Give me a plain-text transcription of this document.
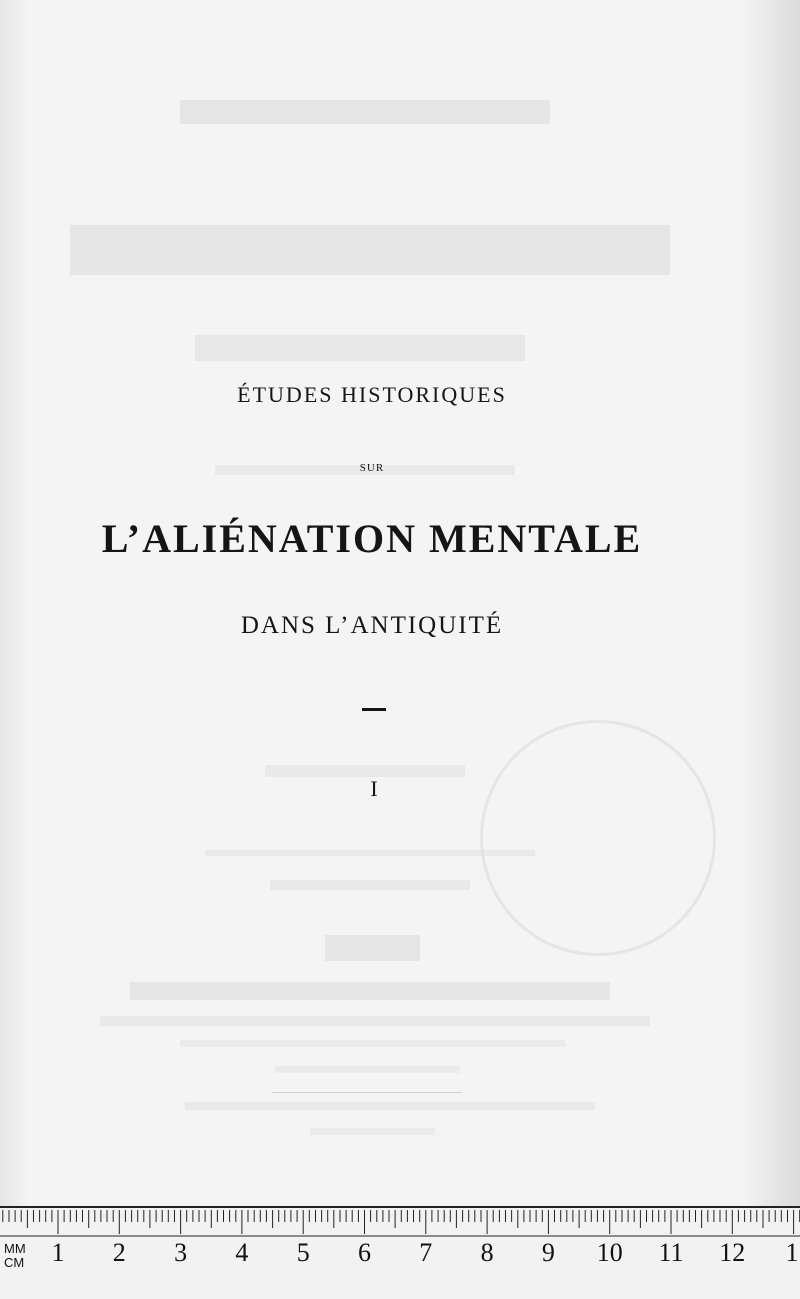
ÉTUDES HISTORIQUES
SUR
L’ALIÉNATION MENTALE
DANS L’ANTIQUITÉ
I
MM
CM 1 2 3 4 5 6 7 8 9 10 11 12 1
